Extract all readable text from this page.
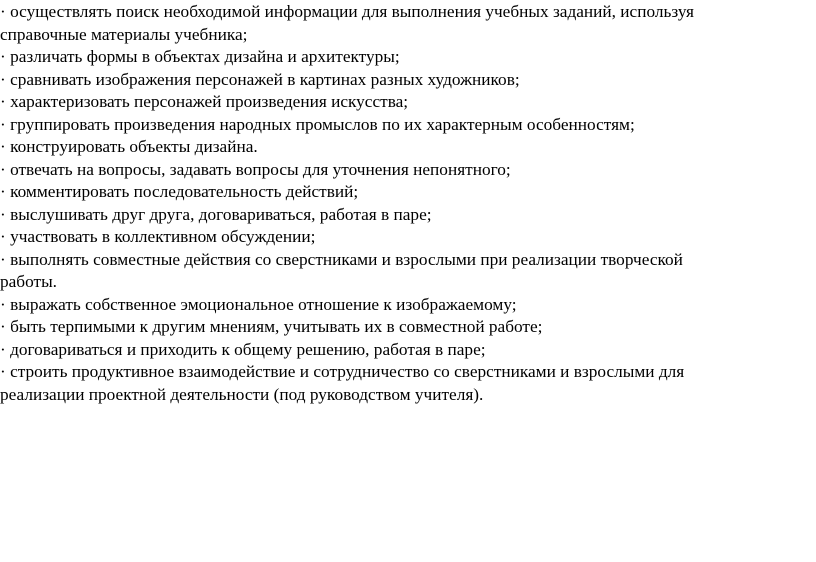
· осуществлять поиск необходимой информации для выполнения учебных заданий, используя
справочные материалы учебника;
· различать формы в объектах дизайна и архитектуры;
· сравнивать изображения персонажей в картинах разных художников;
· характеризовать персонажей произведения искусства;
· группировать произведения народных промыслов по их характерным особенностям;
· конструировать объекты дизайна.
· отвечать на вопросы, задавать вопросы для уточнения непонятного;
· комментировать последовательность действий;
· выслушивать друг друга, договариваться, работая в паре;
· участвовать в коллективном обсуждении;
· выполнять совместные действия со сверстниками и взрослыми при реализации творческой
работы.
· выражать собственное эмоциональное отношение к изображаемому;
· быть терпимыми к другим мнениям, учитывать их в совместной работе;
· договариваться и приходить к общему решению, работая в паре;
· строить продуктивное взаимодействие и сотрудничество со сверстниками и взрослыми для
реализации проектной деятельности (под руководством учителя).
